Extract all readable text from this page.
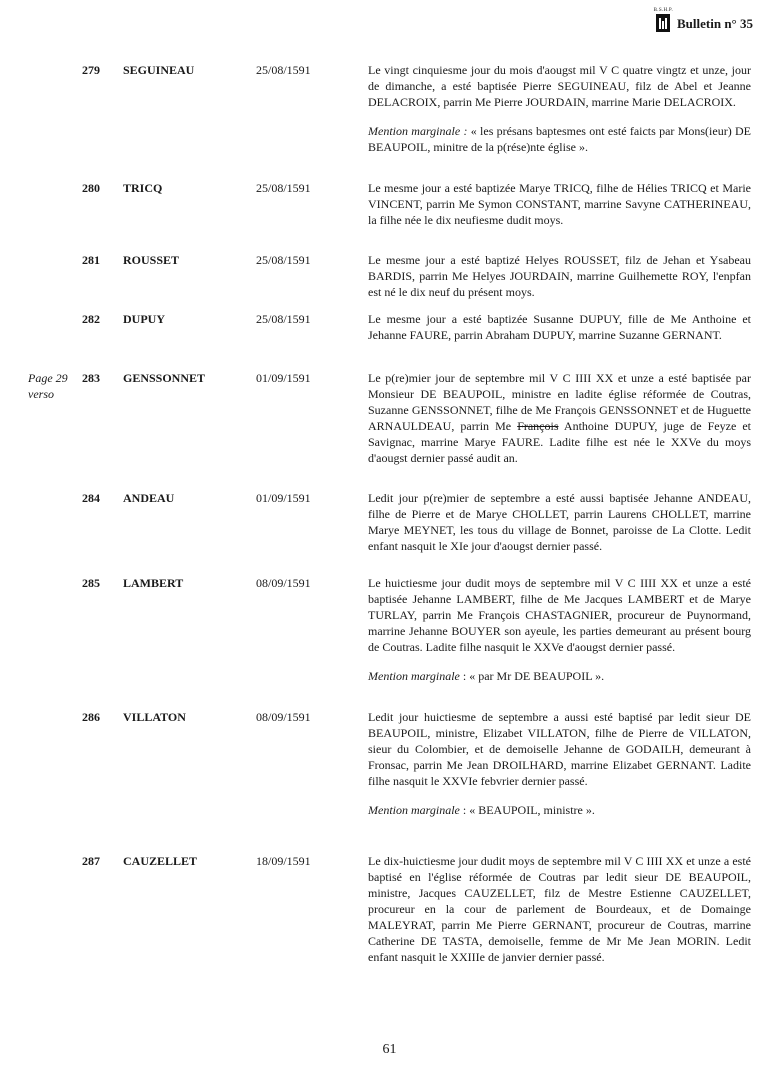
B.S.H.P.
Bulletin n° 35
279 SEGUINEAU	25/08/1591	Le vingt cinquiesme jour du mois d'aougst mil V C quatre vingtz et unze, jour de dimanche, a esté baptisée Pierre SEGUINEAU, filz de Abel et Jeanne DELACROIX, parrin Me Pierre JOURDAIN, marrine Marie DELACROIX.

Mention marginale : « les présans baptesmes ont esté faicts par Mons(ieur) DE BEAUPOIL, minitre de la p(rése)nte église ».

280 TRICQ	25/08/1591	Le mesme jour a esté baptizée Marye TRICQ, filhe de Hélies TRICQ et Marie VINCENT, parrin Me Symon CONSTANT, marrine Savyne CATHERINEAU, la filhe née le dix neufiesme dudit moys.

281 ROUSSET	25/08/1591	Le mesme jour a esté baptizé Helyes ROUSSET, filz de Jehan et Ysabeau BARDIS, parrin Me Helyes JOURDAIN, marrine Guilhemette ROY, l'enpfan est né le dix neuf du présent moys.

282 DUPUY	25/08/1591	Le mesme jour a esté baptizée Susanne DUPUY, fille de Me Anthoine et Jehanne FAURE, parrin Abraham DUPUY, marrine Suzanne GERNANT.

Page 29 verso
283 GENSSONNET	01/09/1591	Le p(re)mier jour de septembre mil V C IIII XX et unze a esté baptisée par Monsieur DE BEAUPOIL, ministre en ladite église réformée de Coutras, Suzanne GENSSONNET, filhe de Me François GENSSONNET et de Huguette ARNAULDEAU, parrin Me François Anthoine DUPUY, juge de Feyze et Savignac, marrine Marye FAURE. Ladite filhe est née le XXVe du moys d'aougst dernier passé audit an.

284 ANDEAU	01/09/1591	Ledit jour p(re)mier de septembre a esté aussi baptisée Jehanne ANDEAU, filhe de Pierre et de Marye CHOLLET, parrin Laurens CHOLLET, marrine Marye MEYNET, les tous du village de Bonnet, paroisse de La Clotte. Ledit enfant nasquit le XIe jour d'aougst dernier passé.

285 LAMBERT	08/09/1591	Le huictiesme jour dudit moys de septembre mil V C IIII XX et unze a esté baptisée Jehanne LAMBERT, filhe de Me Jacques LAMBERT et de Marye TURLAY, parrin Me François CHASTAGNIER, procureur de Puynormand, marrine Jehanne BOUYER son ayeule, les parties demeurant au présent bourg de Coutras. Ladite filhe nasquit le XXVe d'aougst dernier passé.

Mention marginale : « par Mr DE BEAUPOIL ».

286 VILLATON	08/09/1591	Ledit jour huictiesme de septembre a aussi esté baptisé par ledit sieur DE BEAUPOIL, ministre, Elizabet VILLATON, filhe de Pierre de VILLATON, sieur du Colombier, et de demoiselle Jehanne de GODAILH, demeurant à Fronsac, parrin Me Jean DROILHARD, marrine Elizabet GERNANT. Ladite filhe nasquit le XXVIe febvrier dernier passé.

Mention marginale : « BEAUPOIL, ministre ».

287 CAUZELLET	18/09/1591	Le dix-huictiesme jour dudit moys de septembre mil V C IIII XX et unze a esté baptisé en l'église réformée de Coutras par ledit sieur DE BEAUPOIL, ministre, Jacques CAUZELLET, filz de Mestre Estienne CAUZELLET, procureur en la cour de parlement de Bourdeaux, et de Domainge MALEYRAT, parrin Me Pierre GERNANT, procureur de Coutras, marrine Catherine DE TASTA, demoiselle, femme de Mr Me Jean MORIN. Ledit enfant nasquit le XXIIIe de janvier dernier passé.

61
